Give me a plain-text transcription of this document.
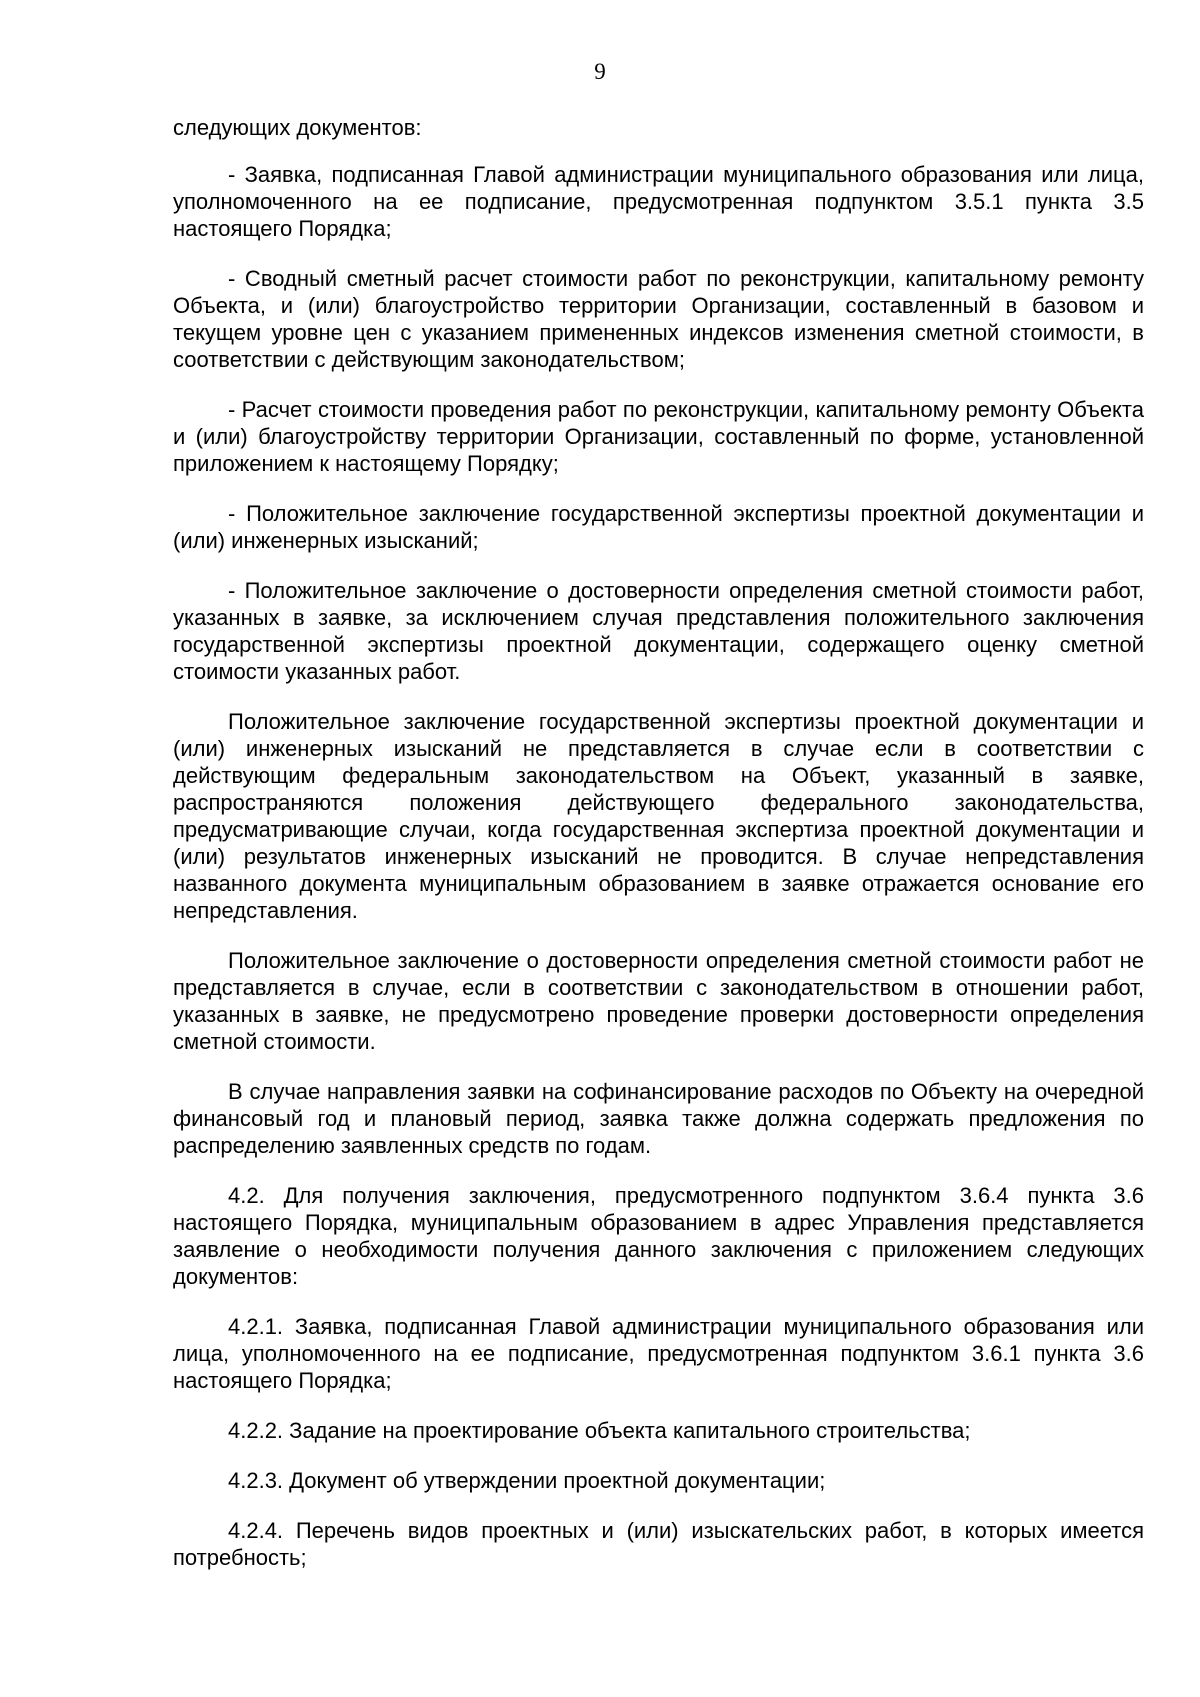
9

следующих документов:

- Заявка, подписанная Главой администрации муниципального образования или лица, уполномоченного на ее подписание, предусмотренная подпунктом 3.5.1 пункта 3.5 настоящего Порядка;

- Сводный сметный расчет стоимости работ по реконструкции, капитальному ремонту Объекта, и (или) благоустройство территории Организации, составленный в базовом и текущем уровне цен с указанием примененных индексов изменения сметной стоимости, в соответствии с действующим законодательством;

- Расчет стоимости проведения работ по реконструкции, капитальному ремонту Объекта и (или) благоустройству территории Организации, составленный по форме, установленной приложением к настоящему Порядку;

- Положительное заключение государственной экспертизы проектной документации и (или) инженерных изысканий;

- Положительное заключение о достоверности определения сметной стоимости работ, указанных в заявке, за исключением случая представления положительного заключения государственной экспертизы проектной документации, содержащего оценку сметной стоимости указанных работ.

Положительное заключение государственной экспертизы проектной документации и (или) инженерных изысканий не представляется в случае если в соответствии с действующим федеральным законодательством на Объект, указанный в заявке, распространяются положения действующего федерального законодательства, предусматривающие случаи, когда государственная экспертиза проектной документации и (или) результатов инженерных изысканий не проводится. В случае непредставления названного документа муниципальным образованием в заявке отражается основание его непредставления.

Положительное заключение о достоверности определения сметной стоимости работ не представляется в случае, если в соответствии с законодательством в отношении работ, указанных в заявке, не предусмотрено проведение проверки достоверности определения сметной стоимости.

В случае направления заявки на софинансирование расходов по Объекту на очередной финансовый год и плановый период, заявка также должна содержать предложения по распределению заявленных средств по годам.

4.2. Для получения заключения, предусмотренного подпунктом 3.6.4 пункта 3.6 настоящего Порядка, муниципальным образованием в адрес Управления представляется заявление о необходимости получения данного заключения с приложением следующих документов:

4.2.1. Заявка, подписанная Главой администрации муниципального образования или лица, уполномоченного на ее подписание, предусмотренная подпунктом 3.6.1 пункта 3.6 настоящего Порядка;

4.2.2. Задание на проектирование объекта капитального строительства;

4.2.3. Документ об утверждении проектной документации;

4.2.4. Перечень видов проектных и (или) изыскательских работ, в которых имеется потребность;
